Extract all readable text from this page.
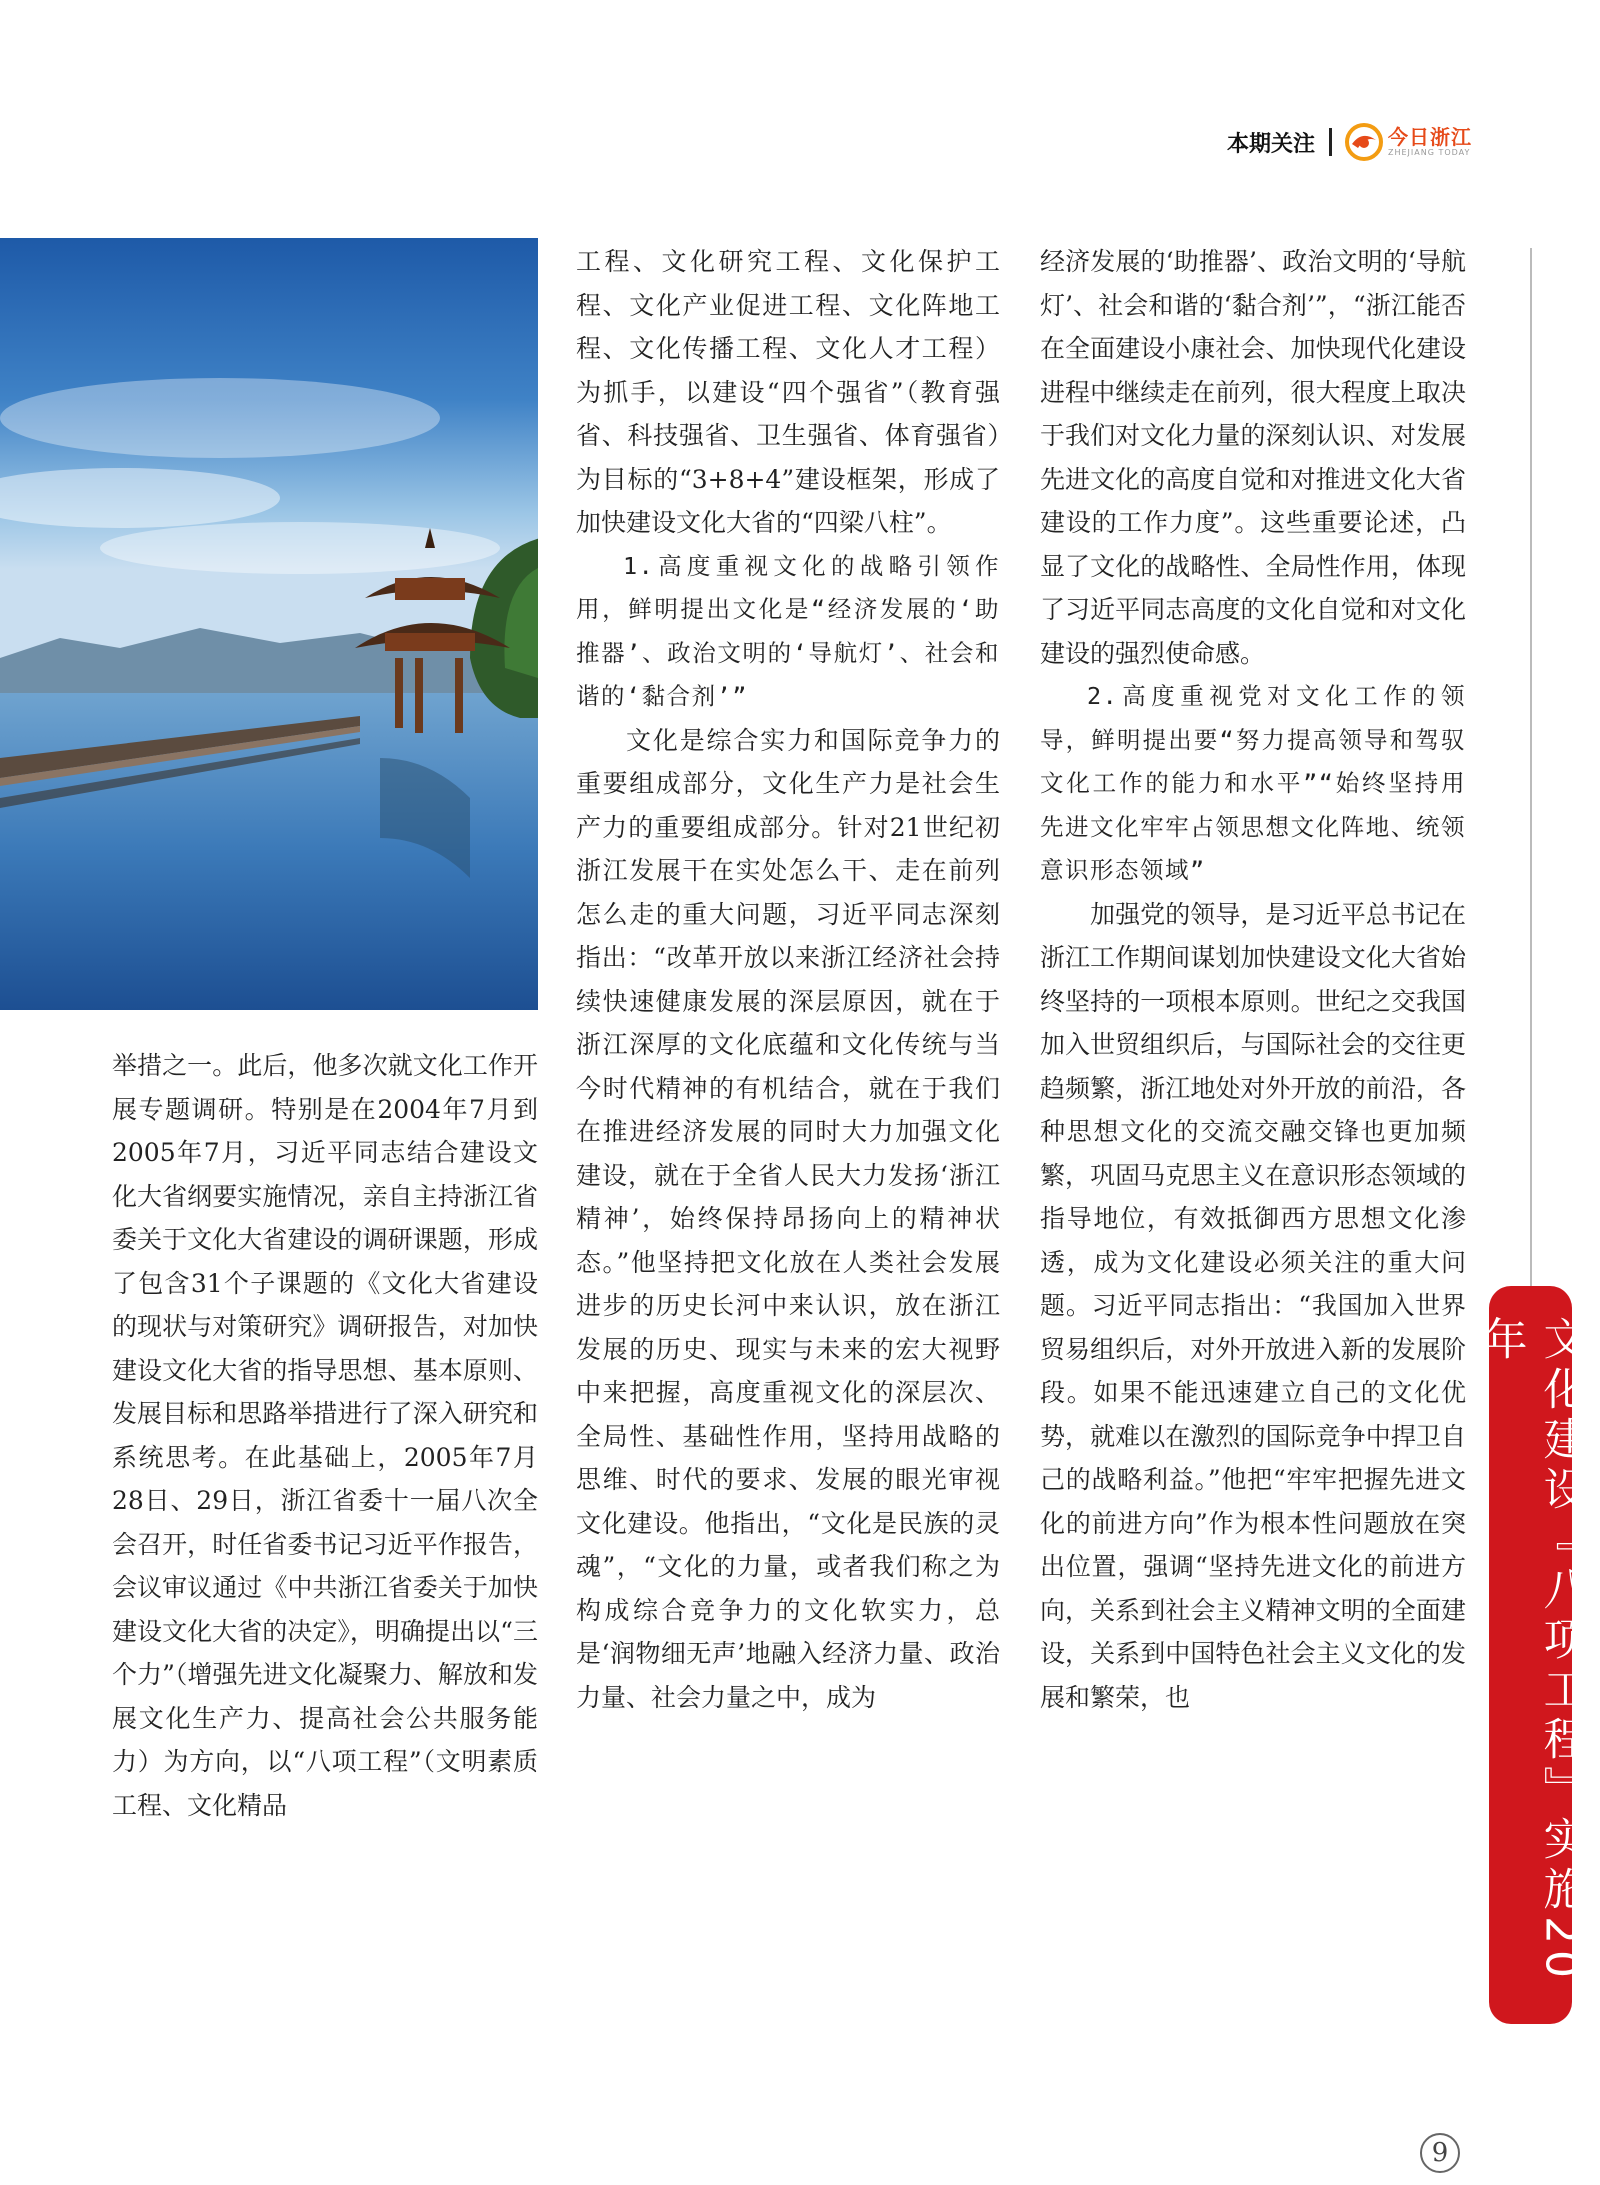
本期关注	今日浙江
ZHEJIANG TODAY

举措之一。此后，他多次就文化工作开展专题调研。特别是在2004年7月到2005年7月，习近平同志结合建设文化大省纲要实施情况，亲自主持浙江省委关于文化大省建设的调研课题，形成了包含31个子课题的《文化大省建设的现状与对策研究》调研报告，对加快建设文化大省的指导思想、基本原则、发展目标和思路举措进行了深入研究和系统思考。在此基础上，2005年7月28日、29日，浙江省委十一届八次全会召开，时任省委书记习近平作报告，会议审议通过《中共浙江省委关于加快建设文化大省的决定》，明确提出以“三个力”（增强先进文化凝聚力、解放和发展文化生产力、提高社会公共服务能力）为方向，以“八项工程”（文明素质工程、文化精品

工程、文化研究工程、文化保护工程、文化产业促进工程、文化阵地工程、文化传播工程、文化人才工程）为抓手，以建设“四个强省”（教育强省、科技强省、卫生强省、体育强省）为目标的“3+8+4”建设框架，形成了加快建设文化大省的“四梁八柱”。

1.高度重视文化的战略引领作用，鲜明提出文化是“经济发展的‘助推器’、政治文明的‘导航灯’、社会和谐的‘黏合剂’”

文化是综合实力和国际竞争力的重要组成部分，文化生产力是社会生产力的重要组成部分。针对21世纪初浙江发展干在实处怎么干、走在前列怎么走的重大问题，习近平同志深刻指出：“改革开放以来浙江经济社会持续快速健康发展的深层原因，就在于浙江深厚的文化底蕴和文化传统与当今时代精神的有机结合，就在于我们在推进经济发展的同时大力加强文化建设，就在于全省人民大力发扬‘浙江精神’，始终保持昂扬向上的精神状态。”他坚持把文化放在人类社会发展进步的历史长河中来认识，放在浙江发展的历史、现实与未来的宏大视野中来把握，高度重视文化的深层次、全局性、基础性作用，坚持用战略的思维、时代的要求、发展的眼光审视文化建设。他指出，“文化是民族的灵魂”，“文化的力量，或者我们称之为构成综合竞争力的文化软实力，总是‘润物细无声’地融入经济力量、政治力量、社会力量之中，成为

经济发展的‘助推器’、政治文明的‘导航灯’、社会和谐的‘黏合剂’”，“浙江能否在全面建设小康社会、加快现代化建设进程中继续走在前列，很大程度上取决于我们对文化力量的深刻认识、对发展先进文化的高度自觉和对推进文化大省建设的工作力度”。这些重要论述，凸显了文化的战略性、全局性作用，体现了习近平同志高度的文化自觉和对文化建设的强烈使命感。

2.高度重视党对文化工作的领导，鲜明提出要“努力提高领导和驾驭文化工作的能力和水平”“始终坚持用先进文化牢牢占领思想文化阵地、统领意识形态领域”

加强党的领导，是习近平总书记在浙江工作期间谋划加快建设文化大省始终坚持的一项根本原则。世纪之交我国加入世贸组织后，与国际社会的交往更趋频繁，浙江地处对外开放的前沿，各种思想文化的交流交融交锋也更加频繁，巩固马克思主义在意识形态领域的指导地位，有效抵御西方思想文化渗透，成为文化建设必须关注的重大问题。习近平同志指出：“我国加入世界贸易组织后，对外开放进入新的发展阶段。如果不能迅速建立自己的文化优势，就难以在激烈的国际竞争中捍卫自己的战略利益。”他把“牢牢把握先进文化的前进方向”作为根本性问题放在突出位置，强调“坚持先进文化的前进方向，关系到社会主义精神文明的全面建设，关系到中国特色社会主义文化的发展和繁荣，也	文化建设『八项工程』实施20年
9
